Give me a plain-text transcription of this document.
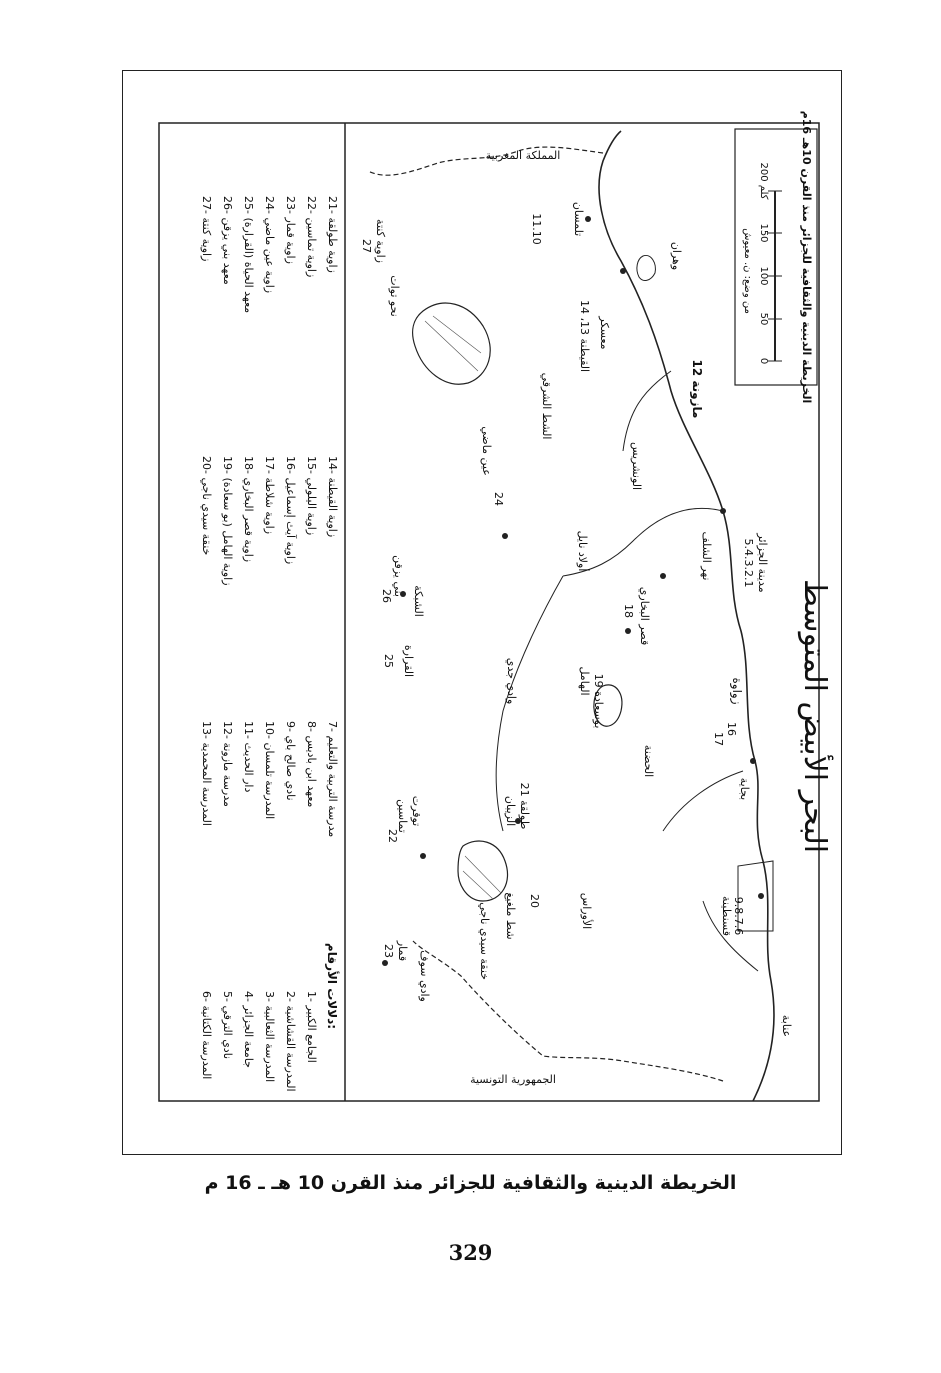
البحر الأبيض المتوسط
الخريطة الدينية والثقافية للجزائر منذ القرن 10هـ 16م
0
50
100
150
200 كلم
من وضع: ن. معيوش
المملكة المغربية
الجمهورية التونسية
تلمسان
11.10
وهران
معسكر
القيطنة 13، 14
الشط الشرقي
مازونة 12
عين ماضي
24
الونشريس
أولاد نايل	نهر الشلف	مدينة الجزائر
5.4.3.2.1
قصر البخاري
18
الشبكة
بني يزقن
26
القرارة
25	وادي جدي	بوسعادة 19
الهامل	زواوة
16
17
الحضنة
بجاية
طولقة 21
الزيبان
توقرت
تماسين
22
شط ملغيغ
خنقة سيدي ناجي
20	الأوراس
وادي سوف
قمار
23
قسنطينة 9.8.7.6
عنابة
نحو توات
زاوية كنتة
27
دلالات الأرقام:
1- الجامع الكبير
2- المدرسة القشاشية
3- المدرسة الثعالبية
4- جامعة الجزائر
5- نادي الترقي
6- المدرسة الكتانية
7- مدرسة التربية والتعليم
8- معهد ابن باديس
9- نادي صالح باي
10- المدرسة تلمسان
11- دار الحديث
12- مدرسة مازونة
13- المدرسة المحمدية
14- زاوية القيطنة
15- زاوية اليلولي
16- زاوية آيث إسماعيل
17- زاوية شلاطة
18- زاوية قصر البخاري
19- زاوية الهامل (بو سعادة)
20- خنقة سيدي ناجي
21- زاوية طولقة
22- زاوية تماسين
23- زاوية قمار
24- زاوية عين ماضي
25- معهد الحياة (القرارة)
26- معهد بني يزقن
27- زاوية كنتة
الخريطة الدينية والثقافية للجزائر منذ القرن 10 هـ ـ 16 م
329
